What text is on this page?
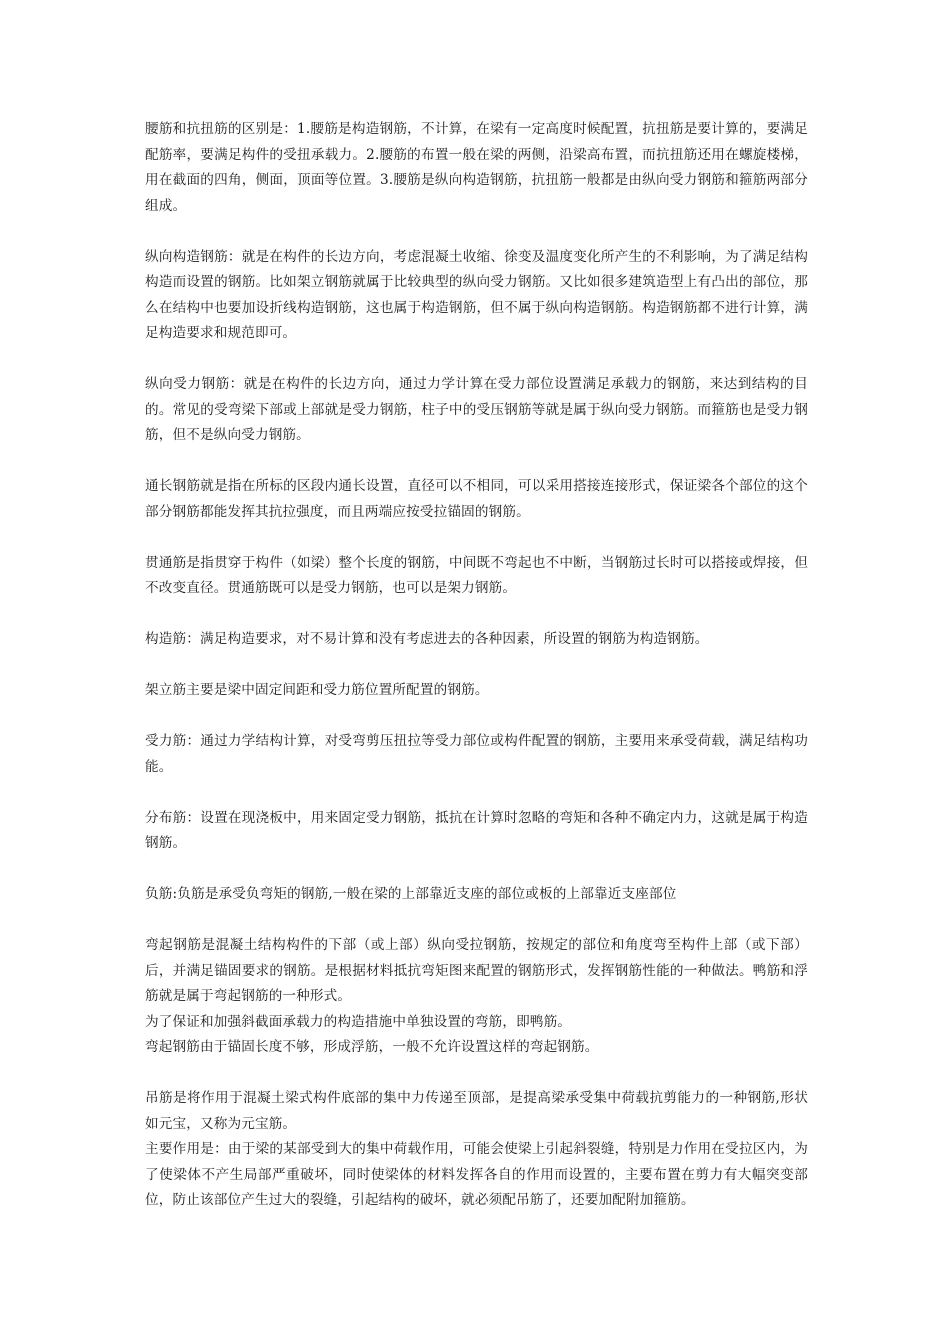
腰筋和抗扭筋的区别是：1.腰筋是构造钢筋，不计算，在梁有一定高度时候配置，抗扭筋是要计算的，要满足配筋率，要满足构件的受扭承载力。2.腰筋的布置一般在梁的两侧，沿梁高布置，而抗扭筋还用在螺旋楼梯，用在截面的四角，侧面，顶面等位置。3.腰筋是纵向构造钢筋，抗扭筋一般都是由纵向受力钢筋和箍筋两部分组成。

纵向构造钢筋：就是在构件的长边方向，考虑混凝土收缩、徐变及温度变化所产生的不利影响，为了满足结构构造而设置的钢筋。比如架立钢筋就属于比较典型的纵向受力钢筋。又比如很多建筑造型上有凸出的部位，那么在结构中也要加设折线构造钢筋，这也属于构造钢筋，但不属于纵向构造钢筋。构造钢筋都不进行计算，满足构造要求和规范即可。

纵向受力钢筋：就是在构件的长边方向，通过力学计算在受力部位设置满足承载力的钢筋，来达到结构的目的。常见的受弯梁下部或上部就是受力钢筋，柱子中的受压钢筋等就是属于纵向受力钢筋。而箍筋也是受力钢筋，但不是纵向受力钢筋。

通长钢筋就是指在所标的区段内通长设置，直径可以不相同，可以采用搭接连接形式，保证梁各个部位的这个部分钢筋都能发挥其抗拉强度，而且两端应按受拉锚固的钢筋。

贯通筋是指贯穿于构件（如梁）整个长度的钢筋，中间既不弯起也不中断，当钢筋过长时可以搭接或焊接，但不改变直径。贯通筋既可以是受力钢筋，也可以是架力钢筋。

构造筋：满足构造要求，对不易计算和没有考虑进去的各种因素，所设置的钢筋为构造钢筋。

架立筋主要是梁中固定间距和受力筋位置所配置的钢筋。

受力筋：通过力学结构计算，对受弯剪压扭拉等受力部位或构件配置的钢筋，主要用来承受荷载，满足结构功能。

分布筋：设置在现浇板中，用来固定受力钢筋，抵抗在计算时忽略的弯矩和各种不确定内力，这就是属于构造钢筋。

负筋:负筋是承受负弯矩的钢筋,一般在梁的上部靠近支座的部位或板的上部靠近支座部位

弯起钢筋是混凝土结构构件的下部（或上部）纵向受拉钢筋，按规定的部位和角度弯至构件上部（或下部）后，并满足锚固要求的钢筋。是根据材料抵抗弯矩图来配置的钢筋形式，发挥钢筋性能的一种做法。鸭筋和浮筋就是属于弯起钢筋的一种形式。

为了保证和加强斜截面承载力的构造措施中单独设置的弯筋，即鸭筋。

弯起钢筋由于锚固长度不够，形成浮筋，一般不允许设置这样的弯起钢筋。

吊筋是将作用于混凝土梁式构件底部的集中力传递至顶部，是提高梁承受集中荷载抗剪能力的一种钢筋,形状如元宝，又称为元宝筋。

主要作用是：由于梁的某部受到大的集中荷载作用，可能会使梁上引起斜裂缝，特别是力作用在受拉区内，为了使梁体不产生局部严重破坏，同时使梁体的材料发挥各自的作用而设置的，主要布置在剪力有大幅突变部位，防止该部位产生过大的裂缝，引起结构的破坏，就必须配吊筋了，还要加配附加箍筋。
